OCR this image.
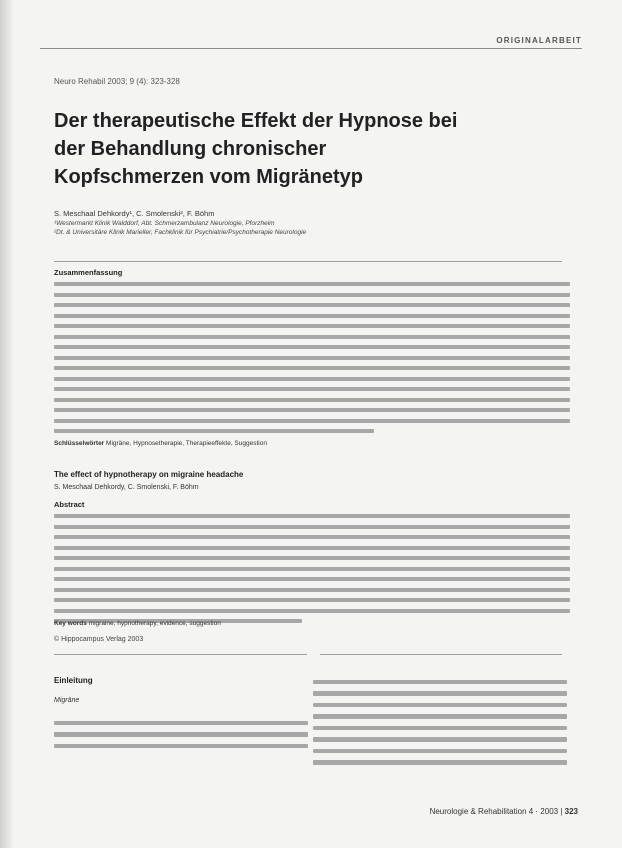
ORIGINALARBEIT
Neuro Rehabil 2003; 9 (4): 323-328
Der therapeutische Effekt der Hypnose bei der Behandlung chronischer Kopfschmerzen vom Migränetyp
S. Meschaal Dehkordy¹, C. Smolenski², F. Böhm
¹Westermarkt Klinik Walddorf, Abt. Schmerzambulanz Neurologie, Pforzheim
²Dt. & Universitäre Klinik Marieller, Fachklinik für Psychiatrie/Psychotherapie Neurologie
Zusammenfassung
Schlüsselwörter Migräne, Hypnosetherapie, Therapieeffekte, Suggestion
The effect of hypnotherapy on migraine headache
S. Meschaal Dehkordy, C. Smolenski, F. Böhm
Abstract
Key words migraine, hypnotherapy, evidence, suggestion
© Hippocampus Verlag 2003
Einleitung
Migräne
Neurologie & Rehabilitation 4 · 2003 | 323
